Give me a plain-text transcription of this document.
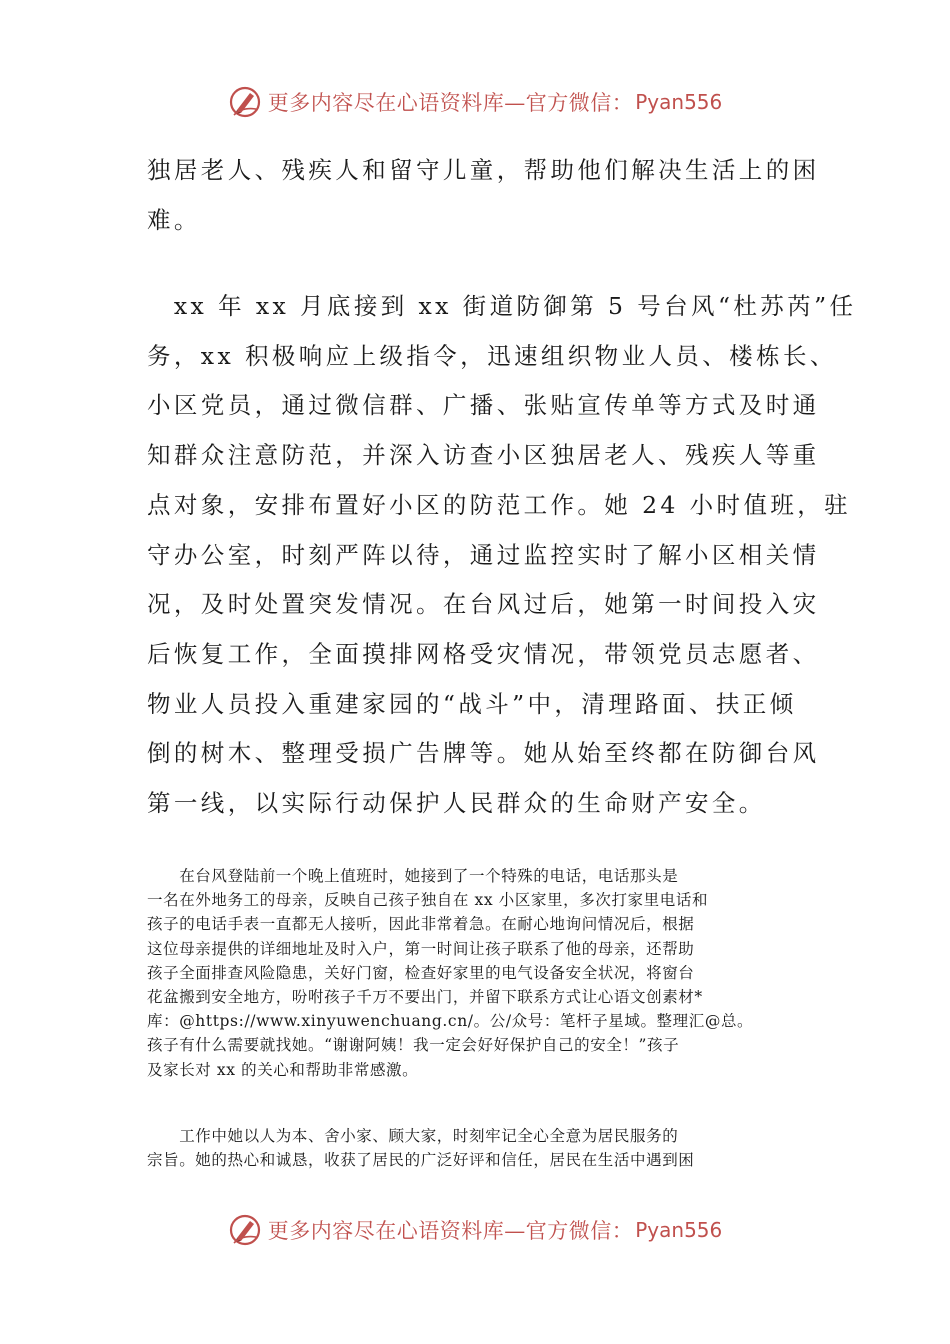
更多内容尽在心语资料库—官方微信： Pyan556
独居老人、残疾人和留守儿童，帮助他们解决生活上的困
难。
　xx 年 xx 月底接到 xx 街道防御第 5 号台风“杜苏芮”任
务，xx 积极响应上级指令，迅速组织物业人员、楼栋长、
小区党员，通过微信群、广播、张贴宣传单等方式及时通
知群众注意防范，并深入访查小区独居老人、残疾人等重
点对象，安排布置好小区的防范工作。她 24 小时值班，驻
守办公室，时刻严阵以待，通过监控实时了解小区相关情
况，及时处置突发情况。在台风过后，她第一时间投入灾
后恢复工作，全面摸排网格受灾情况，带领党员志愿者、
物业人员投入重建家园的“战斗”中，清理路面、扶正倾
倒的树木、整理受损广告牌等。她从始至终都在防御台风
第一线，以实际行动保护人民群众的生命财产安全。
　　在台风登陆前一个晚上值班时，她接到了一个特殊的电话，电话那头是
一名在外地务工的母亲，反映自己孩子独自在 xx 小区家里，多次打家里电话和
孩子的电话手表一直都无人接听，因此非常着急。在耐心地询问情况后，根据
这位母亲提供的详细地址及时入户，第一时间让孩子联系了他的母亲，还帮助
孩子全面排查风险隐患，关好门窗，检查好家里的电气设备安全状况，将窗台
花盆搬到安全地方，吩咐孩子千万不要出门，并留下联系方式让心语文创素材*
库：@https://www.xinyuwenchuang.cn/。公/众号：笔杆子星域。整理汇@总。
孩子有什么需要就找她。“谢谢阿姨！我一定会好好保护自己的安全！”孩子
及家长对 xx 的关心和帮助非常感激。
　　工作中她以人为本、舍小家、顾大家，时刻牢记全心全意为居民服务的
宗旨。她的热心和诚恳，收获了居民的广泛好评和信任，居民在生活中遇到困
更多内容尽在心语资料库—官方微信： Pyan556
